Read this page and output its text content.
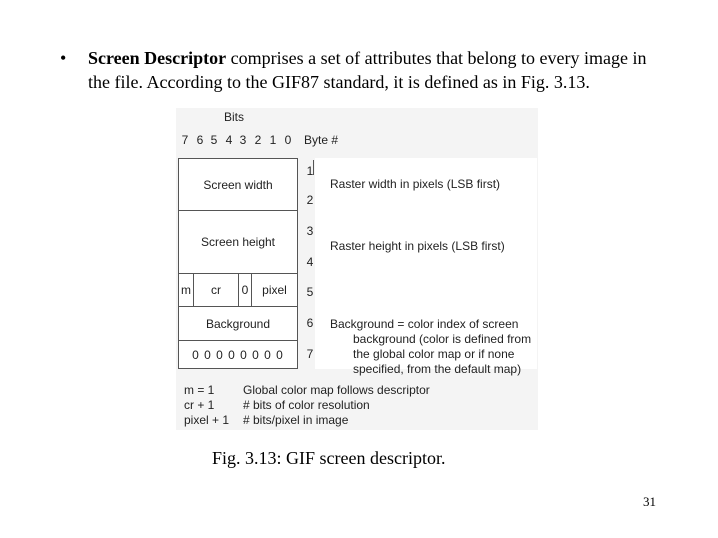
• Screen Descriptor comprises a set of attributes that belong to every image in the file. According to the GIF87 standard, it is defined as in Fig. 3.13.
Bits
7 6 5 4 3 2 1 0	Byte #
Screen width
Screen height
m cr 0 pixel
Background
0 0 0 0 0 0 0 0
1
2
3
4
5
6
7
Raster width in pixels (LSB first)
Raster height in pixels (LSB first)
Background = color index of screen
background (color is defined from
the global color map or if none
specified, from the default map)
m = 1 Global color map follows descriptor
cr + 1 # bits of color resolution
pixel + 1 # bits/pixel in image
Fig. 3.13: GIF screen descriptor.
31
